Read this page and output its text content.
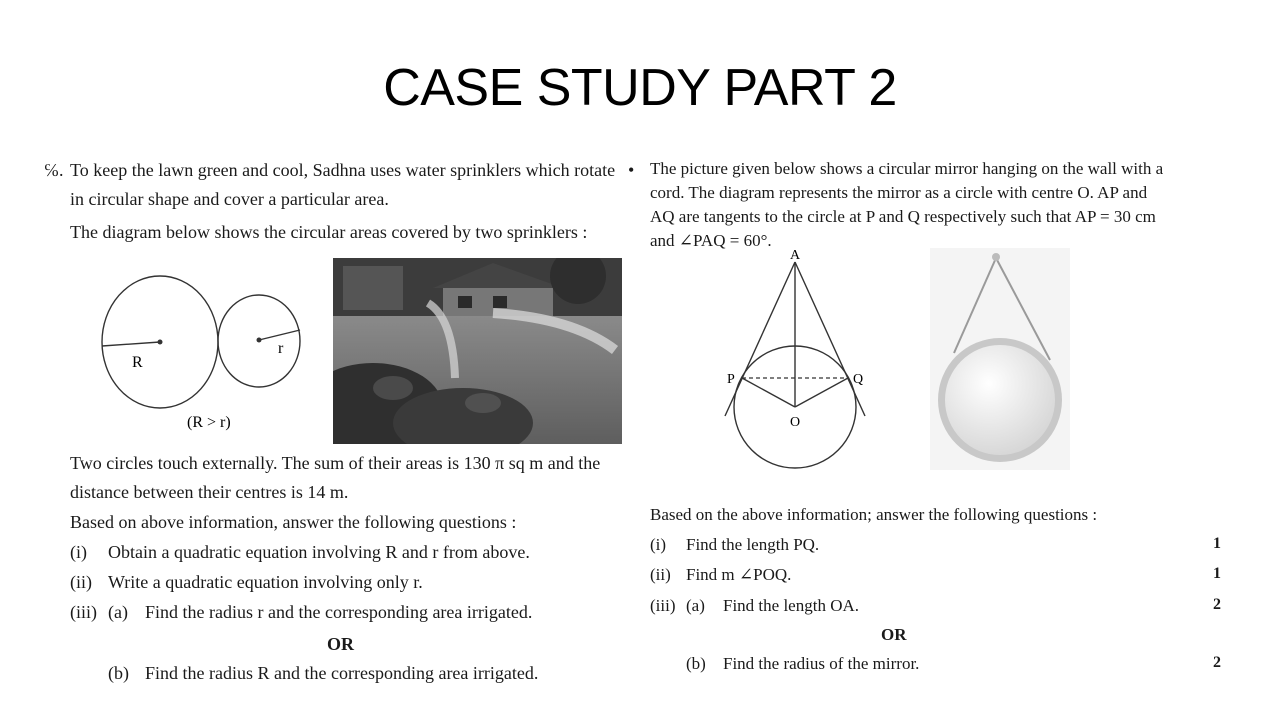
CASE STUDY PART 2
℅. To keep the lawn green and cool, Sadhna uses water sprinklers which rotate
in circular shape and cover a particular area.
The diagram below shows the circular areas covered by two sprinklers :
R
r
(R > r)
Two circles touch externally. The sum of their areas is 130 π sq m and the
distance between their centres is 14 m.
Based on above information, answer the following questions :
(i) Obtain a quadratic equation involving R and r from above.
(ii) Write a quadratic equation involving only r.
(iii) (a) Find the radius r and the corresponding area irrigated.
OR
(b) Find the radius R and the corresponding area irrigated.
• The picture given below shows a circular mirror hanging on the wall with a
cord. The diagram represents the mirror as a circle with centre O. AP and
AQ are tangents to the circle at P and Q respectively such that AP = 30 cm
and ∠PAQ = 60°.
A
P	Q
O
Based on the above information; answer the following questions :
(i) Find the length PQ.	1
(ii) Find m ∠POQ.	1
(iii) (a) Find the length OA.	2
OR
(b) Find the radius of the mirror.	2
